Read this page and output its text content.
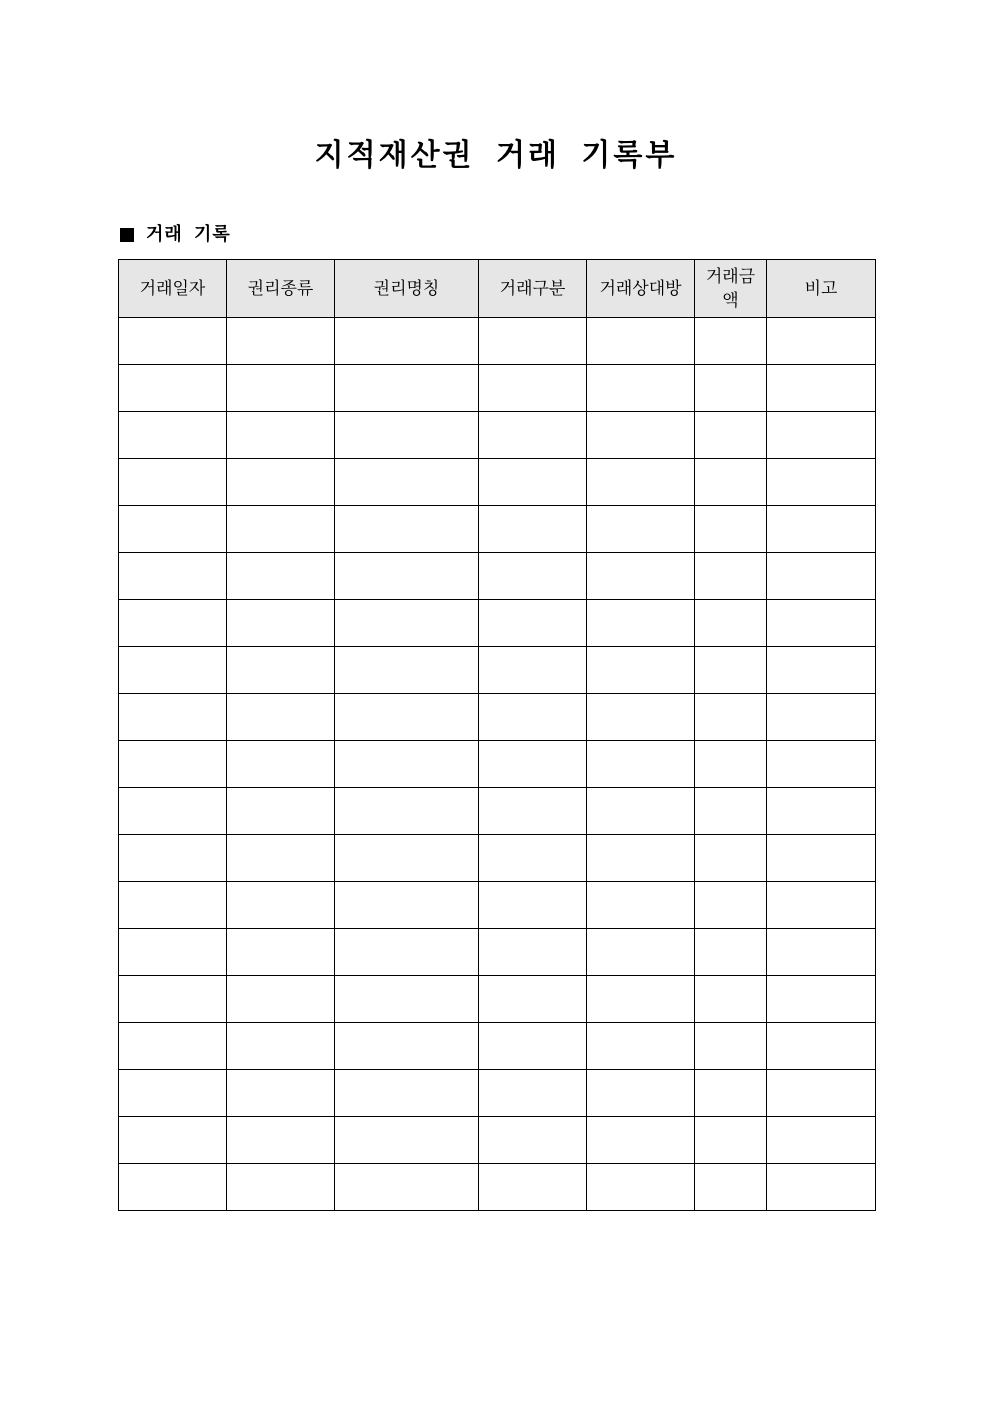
지적재산권 거래 기록부
거래 기록
거래일자	권리종류	권리명칭	거래구분	거래상대방	거래금액	비고
